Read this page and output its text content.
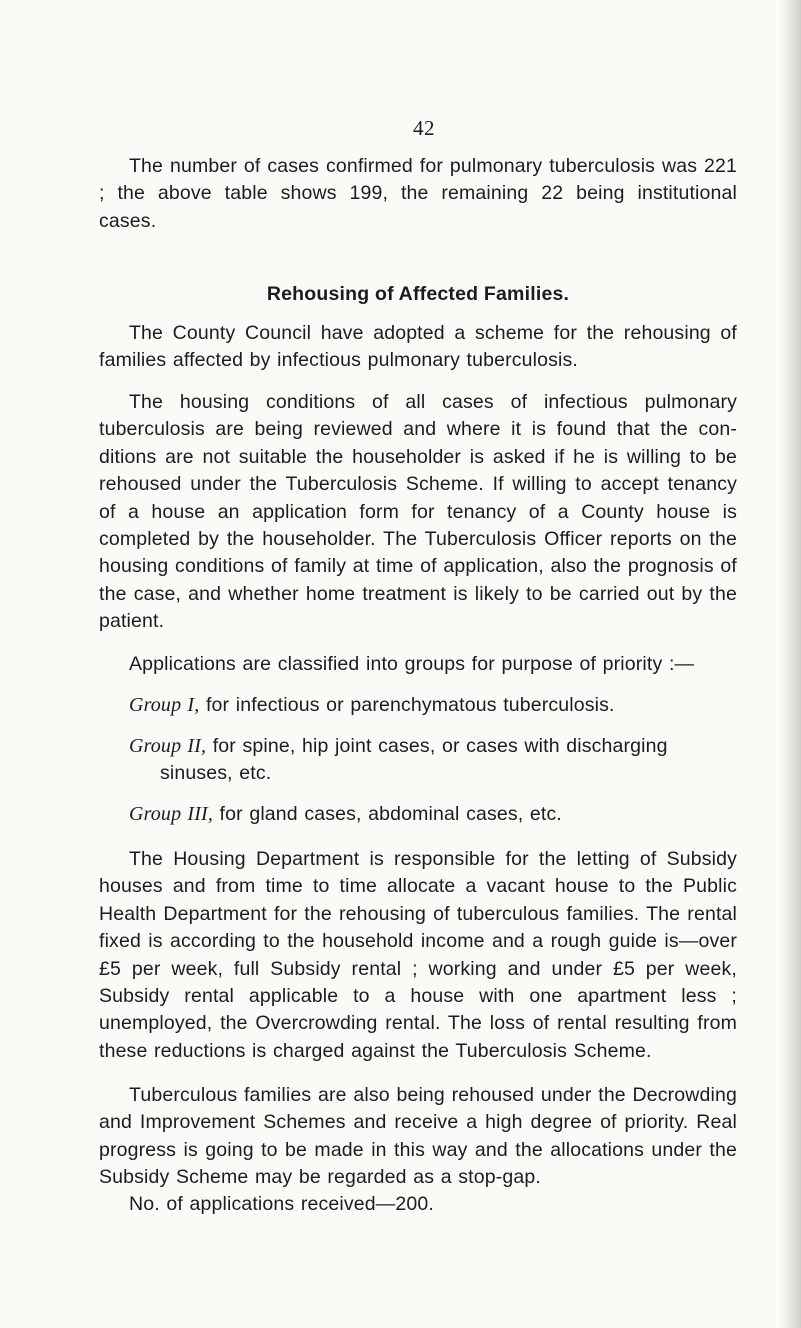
42

The number of cases confirmed for pulmonary tuberculosis was 221 ; the above table shows 199, the remaining 22 being institutional cases.

Rehousing of Affected Families.

The County Council have adopted a scheme for the rehousing of families affected by infectious pulmonary tuberculosis.

The housing conditions of all cases of infectious pulmonary tuberculosis are being reviewed and where it is found that the con- ditions are not suitable the householder is asked if he is willing to be rehoused under the Tuberculosis Scheme. If willing to accept tenancy of a house an application form for tenancy of a County house is completed by the householder. The Tuberculosis Officer reports on the housing conditions of family at time of application, also the prognosis of the case, and whether home treatment is likely to be carried out by the patient.

Applications are classified into groups for purpose of priority :—

Group I, for infectious or parenchymatous tuberculosis.
Group II, for spine, hip joint cases, or cases with discharging
sinuses, etc.
Group III, for gland cases, abdominal cases, etc.

The Housing Department is responsible for the letting of Subsidy houses and from time to time allocate a vacant house to the Public Health Department for the rehousing of tuberculous families. The rental fixed is according to the household income and a rough guide is—over £5 per week, full Subsidy rental ; working and under £5 per week, Subsidy rental applicable to a house with one apartment less ; unemployed, the Overcrowding rental. The loss of rental resulting from these reductions is charged against the Tuberculosis Scheme.

Tuberculous families are also being rehoused under the Decrowding and Improvement Schemes and receive a high degree of priority. Real progress is going to be made in this way and the allocations under the Subsidy Scheme may be regarded as a stop-gap.

No. of applications received—200.
